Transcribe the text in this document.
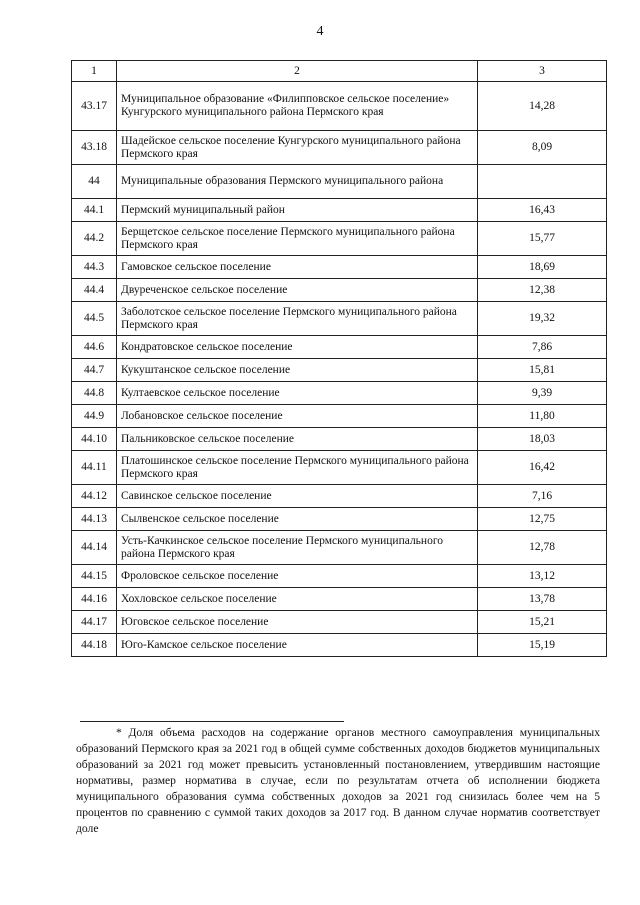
4
1	2	3
43.17	Муниципальное образование «Филипповское сельское поселение» Кунгурского муниципального района Пермского края	14,28
43.18	Шадейское сельское поселение Кунгурского муниципального района Пермского края	8,09
44	Муниципальные образования Пермского муниципального района	
44.1	Пермский муниципальный район	16,43
44.2	Берщетское сельское поселение Пермского муниципального района Пермского края	15,77
44.3	Гамовское сельское поселение	18,69
44.4	Двуреченское сельское поселение	12,38
44.5	Заболотское сельское поселение Пермского муниципального района Пермского края	19,32
44.6	Кондратовское сельское поселение	7,86
44.7	Кукуштанское сельское поселение	15,81
44.8	Култаевское сельское поселение	9,39
44.9	Лобановское сельское поселение	11,80
44.10	Пальниковское сельское поселение	18,03
44.11	Платошинское сельское поселение Пермского муниципального района Пермского края	16,42
44.12	Савинское сельское поселение	7,16
44.13	Сылвенское сельское поселение	12,75
44.14	Усть-Качкинское сельское поселение Пермского муниципального района Пермского края	12,78
44.15	Фроловское сельское поселение	13,12
44.16	Хохловское сельское поселение	13,78
44.17	Юговское сельское поселение	15,21
44.18	Юго-Камское сельское поселение	15,19
* Доля объема расходов на содержание органов местного самоуправления муниципальных образований Пермского края за 2021 год в общей сумме собственных доходов бюджетов муниципальных образований за 2021 год может превысить установленный постановлением, утвердившим настоящие нормативы, размер норматива в случае, если по результатам отчета об исполнении бюджета муниципального образования сумма собственных доходов за 2021 год снизилась более чем на 5 процентов по сравнению с суммой таких доходов за 2017 год. В данном случае норматив соответствует доле
